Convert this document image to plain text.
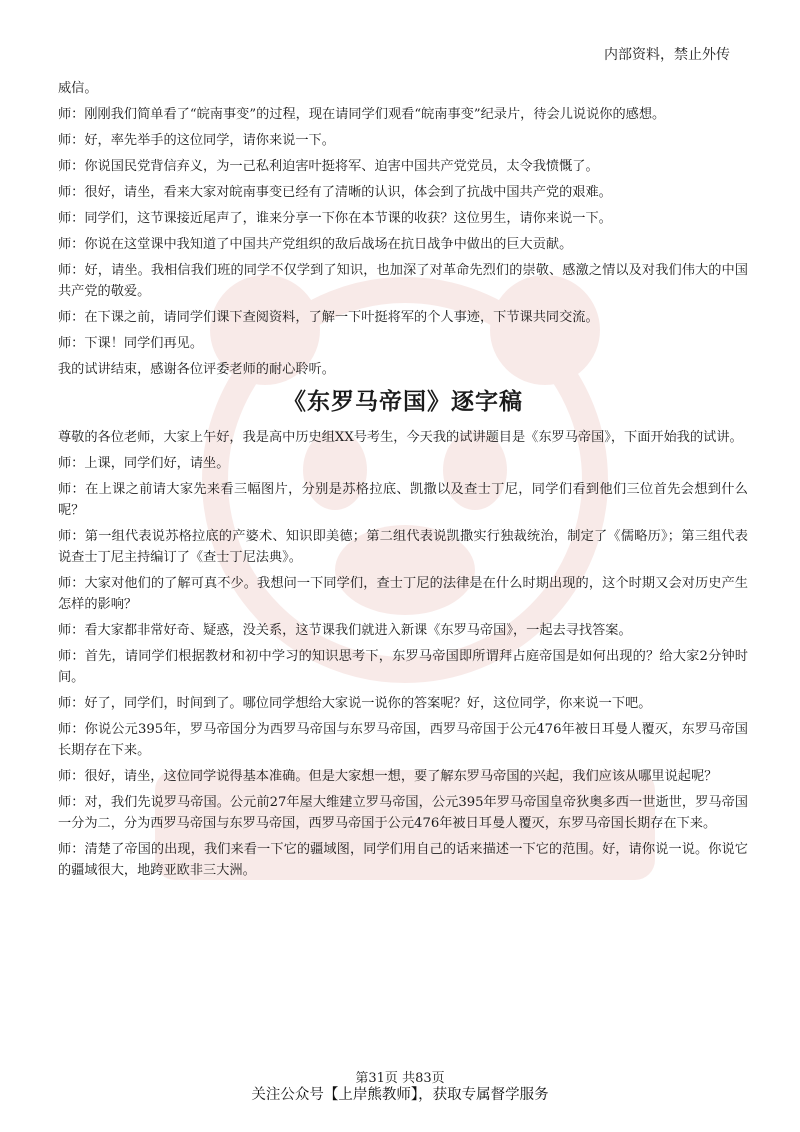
内部资料，禁止外传

威信。

师：刚刚我们简单看了“皖南事变”的过程，现在请同学们观看“皖南事变”纪录片，待会儿说说你的感想。

师：好，率先举手的这位同学，请你来说一下。

师：你说国民党背信弃义，为一己私利迫害叶挺将军、迫害中国共产党党员，太令我愤慨了。

师：很好，请坐，看来大家对皖南事变已经有了清晰的认识，体会到了抗战中国共产党的艰难。

师：同学们，这节课接近尾声了，谁来分享一下你在本节课的收获？这位男生，请你来说一下。

师：你说在这堂课中我知道了中国共产党组织的敌后战场在抗日战争中做出的巨大贡献。

师：好，请坐。我相信我们班的同学不仅学到了知识，也加深了对革命先烈们的崇敬、感激之情以及对我们伟大的中国共产党的敬爱。

师：在下课之前，请同学们课下查阅资料，了解一下叶挺将军的个人事迹，下节课共同交流。

师：下课！同学们再见。

我的试讲结束，感谢各位评委老师的耐心聆听。

《东罗马帝国》逐字稿

尊敬的各位老师，大家上午好，我是高中历史组XX号考生，今天我的试讲题目是《东罗马帝国》，下面开始我的试讲。

师：上课，同学们好，请坐。

师：在上课之前请大家先来看三幅图片，分别是苏格拉底、凯撒以及查士丁尼，同学们看到他们三位首先会想到什么呢？

师：第一组代表说苏格拉底的产婆术、知识即美德；第二组代表说凯撒实行独裁统治，制定了《儒略历》；第三组代表说查士丁尼主持编订了《查士丁尼法典》。

师：大家对他们的了解可真不少。我想问一下同学们，查士丁尼的法律是在什么时期出现的，这个时期又会对历史产生怎样的影响？

师：看大家都非常好奇、疑惑，没关系，这节课我们就进入新课《东罗马帝国》，一起去寻找答案。

师：首先，请同学们根据教材和初中学习的知识思考下，东罗马帝国即所谓拜占庭帝国是如何出现的？给大家2分钟时间。

师：好了，同学们，时间到了。哪位同学想给大家说一说你的答案呢？好，这位同学，你来说一下吧。

师：你说公元395年，罗马帝国分为西罗马帝国与东罗马帝国，西罗马帝国于公元476年被日耳曼人覆灭，东罗马帝国长期存在下来。

师：很好，请坐，这位同学说得基本准确。但是大家想一想，要了解东罗马帝国的兴起，我们应该从哪里说起呢？

师：对，我们先说罗马帝国。公元前27年屋大维建立罗马帝国，公元395年罗马帝国皇帝狄奥多西一世逝世，罗马帝国一分为二，分为西罗马帝国与东罗马帝国，西罗马帝国于公元476年被日耳曼人覆灭，东罗马帝国长期存在下来。

师：清楚了帝国的出现，我们来看一下它的疆域图，同学们用自己的话来描述一下它的范围。好，请你说一说。你说它的疆域很大，地跨亚欧非三大洲。

第31页 共83页
关注公众号【上岸熊教师】，获取专属督学服务
